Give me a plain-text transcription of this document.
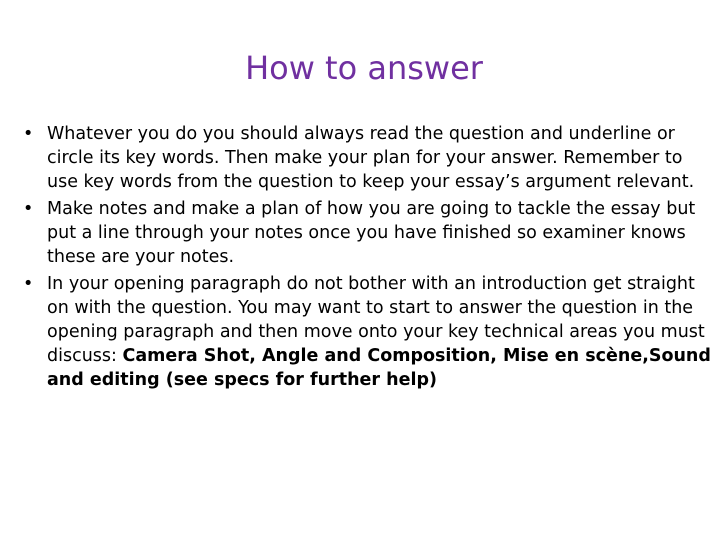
How to answer
• Whatever you do you should always read the question and underline or circle its key words. Then make your plan for your answer. Remember to use key words from the question to keep your essay’s argument relevant.
• Make notes and make a plan of how you are going to tackle the essay but put a line through your notes once you have finished so examiner knows these are your notes.
• In your opening paragraph do not bother with an introduction get straight on with the question. You may want to start to answer the question in the opening paragraph and then move onto your key technical areas you must discuss: Camera Shot, Angle and Composition, Mise en scène,Sound and editing (see specs for further help)
